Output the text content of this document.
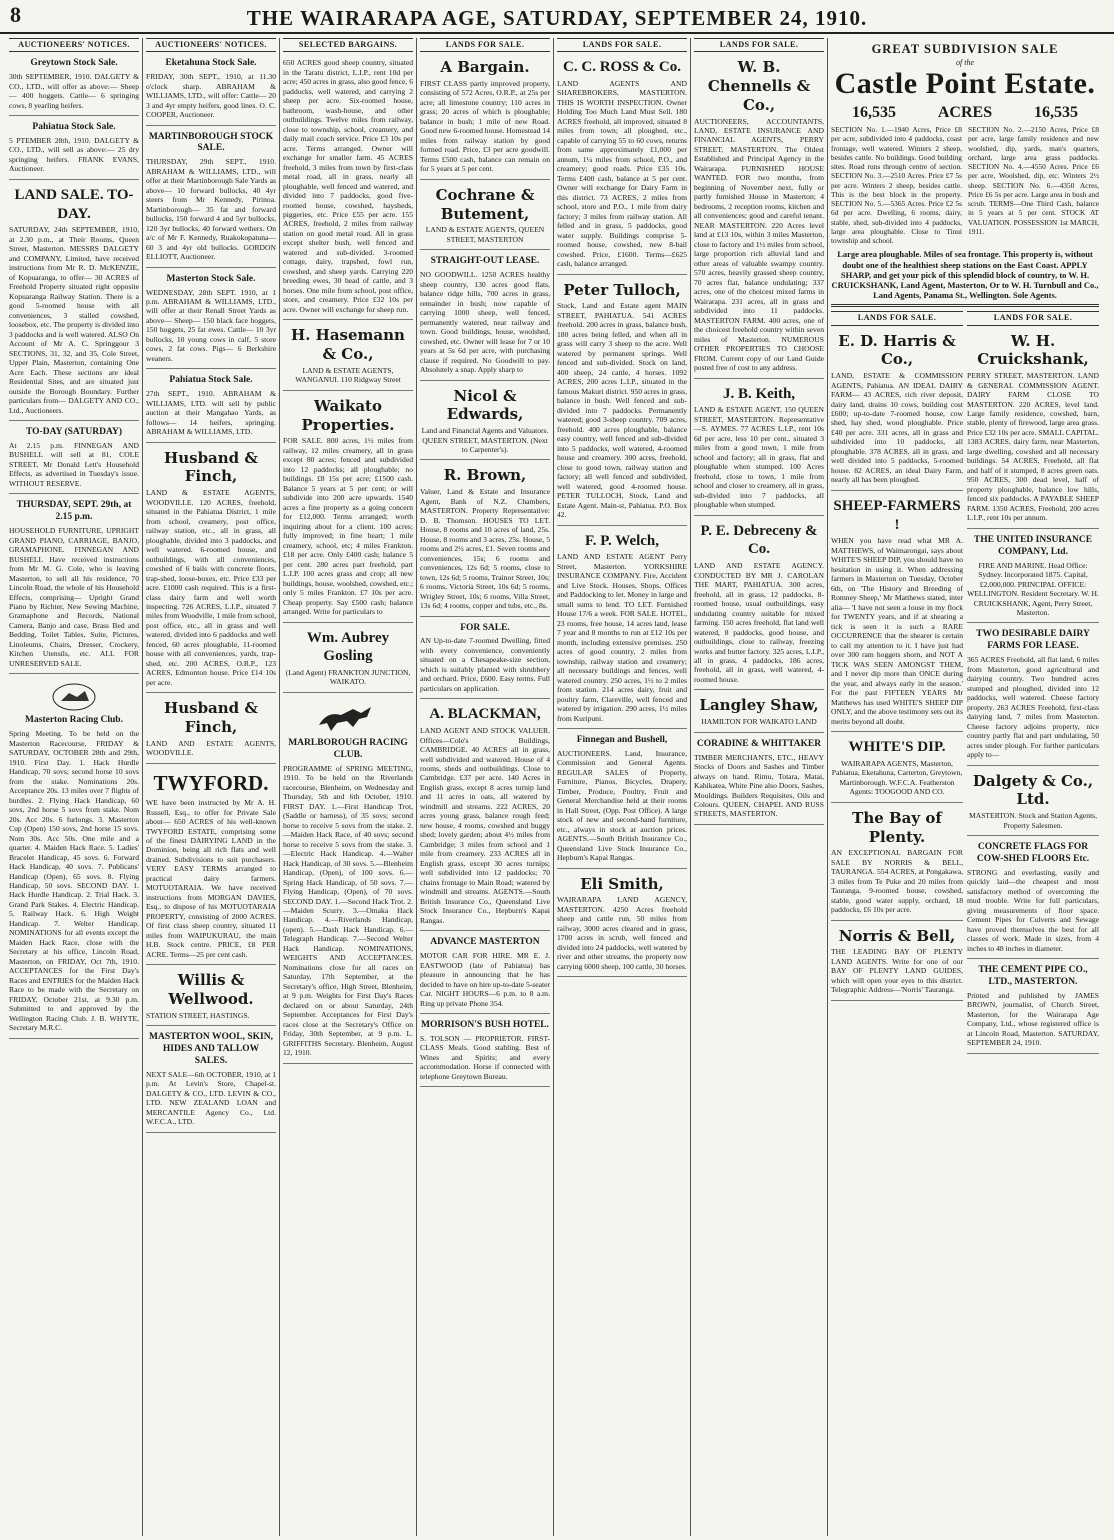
8	THE WAIRARAPA AGE, SATURDAY, SEPTEMBER 24, 1910.
AUCTIONEERS' NOTICES.
Greytown Stock Sale.

30th SEPTEMBER, 1910. DALGETY & CO., LTD., will offer as above:— Sheep— 400 hoggets. Cattle— 6 springing cows, 8 yearling heifers.

Pahiatua Stock Sale.

5 PTEMBER 28th, 1910. DALGETY & CO., LTD., will sell as above:— 25 dry springing heifers. FRANK EVANS, Auctioneer.

LAND SALE. TO-DAY.

SATURDAY, 24th SEPTEMBER, 1910, at 2.30 p.m., at Their Rooms, Queen Street, Masterton. MESSRS DALGETY and COMPANY, Limited, have received instructions from Mr R. D. McKENZIE, of Kopuaranga, to offer— 30 ACRES of Freehold Property situated right opposite Kopuaranga Railway Station. There is a good 5-roomed house with all conveniences, 3 stalled cowshed, loosebox, etc. The property is divided into 3 paddocks and is well watered. ALSO On Account of Mr A. C. Springgour 3 SECTIONS, 31, 32, and 35, Cole Street, Upper Plain, Masterton, containing One Acre Each. These sections are ideal Residential Sites, and are situated just outside the Borough Boundary. Further particulars from— DALGETY AND CO., Ltd., Auctioneers.

TO-DAY (SATURDAY)

At 2.15 p.m. FINNEGAN AND BUSHELL will sell at 81, COLE STREET, Mr Donald Lett's Household Effects, as advertised in Tuesday's issue. WITHOUT RESERVE.

THURSDAY, SEPT. 29th, at 2.15 p.m.

HOUSEHOLD FURNITURE, UPRIGHT GRAND PIANO, CARRIAGE, BANJO, GRAMAPHONE. FINNEGAN AND BUSHELL Have received instructions from Mr M. G. Cole, who is leaving Masterton, to sell all his residence, 70 Lincoln Road, the whole of his Household Effects, comprising— Upright Grand Piano by Richter, New Sewing Machine, Gramaphone and Records, National Camera, Banjo and case, Brass Bed and Bedding, Toilet Tables, Suite, Pictures, Linoleums, Chairs, Dresser, Crockery, Kitchen Utensils, etc. ALL FOR UNRESERVED SALE.

Masterton Racing Club.

Spring Meeting. To be held on the Masterton Racecourse, FRIDAY & SATURDAY, OCTOBER 28th and 29th, 1910. First Day. 1. Hack Hurdle Handicap, 70 sovs; second horse 10 sovs from the stake. Nominations 20s. Acceptance 20s. 13 miles over 7 flights of hurdles. 2. Flying Hack Handicap, 60 sovs, 2nd horse 5 sovs from stake. Nom 20s. Acc 20s. 6 furlongs. 3. Masterton Cup (Open) 150 sovs, 2nd horse 15 sovs. Nom 30s. Acc 50s. One mile and a quarter. 4. Maiden Hack Race. 5. Ladies' Bracelet Handicap, 45 sovs. 6. Forward Hack Handicap, 40 sovs. 7. Publicans' Handicap (Open), 65 sovs. 8. Flying Handicap, 50 sovs. SECOND DAY. 1. Hack Hurdle Handicap. 2. Trial Hack. 3. Grand Park Stakes. 4. Electric Handicap. 5. Railway Hack. 6. High Weight Handicap. 7. Welter Handicap. NOMINATIONS for all events except the Maiden Hack Race, close with the Secretary at his office, Lincoln Road, Masterton, on FRIDAY, Oct 7th, 1910. ACCEPTANCES for the First Day's Races and ENTRIES for the Maiden Hack Race to be made with the Secretary on FRIDAY, October 21st, at 9.30 p.m. Submitted to and approved by the Wellington Racing Club. J. B. WHYTE, Secretary M.R.C.

AUCTIONEERS' NOTICES.
Eketahuna Stock Sale.

FRIDAY, 30th SEPT., 1910, at 11.30 o'clock sharp. ABRAHAM & WILLIAMS, LTD., will offer: Cattle— 20 3 and 4yr empty heifers, good lines. O. C. COOPER, Auctioneer.

MARTINBOROUGH STOCK SALE.

THURSDAY, 29th SEPT., 1910. ABRAHAM & WILLIAMS, LTD., will offer at their Martinborough Sale Yards as above— 10 forward bullocks, 40 4yr steers from Mr Kennedy, Pirinoa. Martinborough— 35 fat and forward bullocks, 150 forward 4 and 5yr bullocks, 120 3yr bullocks, 40 forward wethers. On a/c of Mr F. Kennedy, Ruakokopatuna— 60 3 and 4yr old bullocks. GORDON ELLIOTT, Auctioneer.

Masterton Stock Sale.

WEDNESDAY, 28th SEPT. 1910, at 1 p.m. ABRAHAM & WILLIAMS, LTD., will offer at their Renall Street Yards as above— Sheep— 150 black face hoggets, 150 hoggets, 25 fat ewes. Cattle— 10 3yr bullocks, 10 young cows in calf, 5 store cows, 2 fat cows. Pigs— 6 Berkshire weaners.

Pahiatua Stock Sale.

27th SEPT., 1910. ABRAHAM & WILLIAMS, LTD. will sell by public auction at their Mangahao Yards, as follows— 14 heifers, springing. ABRAHAM & WILLIAMS, LTD.

Husband & Finch,

LAND & ESTATE AGENTS, WOODVILLE. 120 ACRES, freehold, situated in the Pahiatua District, 1 mile from school, creamery, post office, railway station, etc., all in grass, all ploughable, divided into 3 paddocks, and well watered. 6-roomed house, and outbuildings, with all conveniences, cowshed of 6 bails with concrete floors, trap-shed, loose-boxes, etc. Price £33 per acre. £1000 cash required. This is a first-class dairy farm and well worth inspecting. 726 ACRES, L.I.P., situated 7 miles from Woodville, 1 mile from school, post office, etc., all in grass and well watered, divided into 6 paddocks and well fenced, 60 acres ploughable, 11-roomed house with all conveniences, yards, trap-shed, etc. 200 ACRES, O.R.P., 123 ACRES, Edmonton house. Price £14 10s per acre.

Husband & Finch,

LAND AND ESTATE AGENTS, WOODVILLE.

TWYFORD.

WE have been instructed by Mr A. H. Russell, Esq., to offer for Private Sale about— 650 ACRES of his well-known TWYFORD ESTATE, comprising some of the finest DAIRYING LAND in the Dominion, being all rich flats and well drained. Subdivisions to suit purchasers. VERY EASY TERMS arranged to practical dairy farmers. MOTUOTARAIA. We have received instructions from MORGAN DAVIES, Esq., to dispose of his MOTUOTARAIA PROPERTY, consisting of 2000 ACRES. Of first class sheep country, situated 11 miles from WAIPUKURAU, the main H.B. Stock centre. PRICE, £8 PER ACRE. Terms—25 per cent cash.

Willis & Wellwood.

STATION STREET, HASTINGS.

MASTERTON WOOL, SKIN, HIDES AND TALLOW SALES.

NEXT SALE—6th OCTOBER, 1910, at 1 p.m. At Levin's Store, Chapel-st. DALGETY & CO., LTD. LEVIN & CO., LTD. NEW ZEALAND LOAN and MERCANTILE Agency Co., Ltd. W.F.C.A., LTD.

SELECTED BARGAINS.

650 ACRES good sheep country, situated in the Taratu district, L.I.P., rent 10d per acre; 450 acres in grass, also good fence, 6 paddocks, well watered, and carrying 2 sheep per acre. Six-roomed house, bathroom, wash-house, and other outbuildings. Twelve miles from railway, close to township, school, creamery, and daily mail coach service. Price £3 10s per acre. Terms arranged. Owner will exchange for smaller farm. 45 ACRES freehold, 3 miles from town by first-class metal road, all in grass, nearly all ploughable, well fenced and watered, and divided into 7 paddocks, good five-roomed house, cowshed, haysheds, piggeries, etc. Price £55 per acre. 155 ACRES, freehold, 2 miles from railway station on good metal road. All in grass except shelter bush, well fenced and watered and sub-divided. 3-roomed cottage, dairy, trapshed, fowl run, cowshed, and sheep yards. Carrying 220 breeding ewes, 30 head of cattle, and 3 horses. One mile from school, post office, store, and creamery. Price £32 10s per acre. Owner will exchange for sheep run.

H. Hasemann & Co.,

LAND & ESTATE AGENTS, WANGANUI. 110 Ridgway Street

Waikato Properties.

FOR SALE. 800 acres, 1½ miles from railway, 12 miles creamery, all in grass except 80 acres; fenced and subdivided into 12 paddocks; all ploughable; no buildings. £8 15s per acre; £1500 cash. Balance 5 years at 5 per cent; or will subdivide into 200 acre upwards. 1540 acres a fine property as a going concern for £12,000. Terms arranged; worth inquiring about for a client. 100 acres; fully improved; in fine heart; 1 mile creamery, school, etc; 4 miles Frankton. £18 per acre. Only £400 cash; balance 5 per cent. 280 acres part freehold, part L.I.P. 100 acres grass and crop; all new buildings, house, woolshed, cowshed, etc.; only 5 miles Frankton. £7 10s per acre. Cheap property. Say £500 cash; balance arranged. Write for particulars to

Wm. Aubrey Gosling

(Land Agent) FRANKTON JUNCTION, WAIKATO.

MARLBOROUGH RACING CLUB.

PROGRAMME of SPRING MEETING, 1910. To be held on the Riverlands racecourse, Blenheim, on Wednesday and Thursday, 5th and 6th October, 1910. FIRST DAY. 1.—First Handicap Trot, (Saddle or harness), of 35 sovs; second horse to receive 5 sovs from the stake. 2.—Maiden Hack Race, of 40 sovs; second horse to receive 5 sovs from the stake. 3.—Electric Hack Handicap. 4.—Walter Hack Handicap, of 30 sovs. 5.—Blenheim Handicap, (Open), of 100 sovs. 6.—Spring Hack Handicap, of 50 sovs. 7.—Flying Handicap, (Open), of 70 sovs. SECOND DAY. 1.—Second Hack Trot. 2.—Maiden Scurry. 3.—Omaka Hack Handicap. 4.—Riverlands Handicap, (open). 5.—Dash Hack Handicap. 6.—Telegraph Handicap. 7.—Second Welter Hack Handicap. NOMINATIONS, WEIGHTS AND ACCEPTANCES. Nominations close for all races on Saturday, 17th September, at the Secretary's office, High Street, Blenheim, at 9 p.m. Weights for First Day's Races declared on or about Saturday, 24th September. Acceptances for First Day's races close at the Secretary's Office on Friday, 30th September, at 9 p.m. L. GRIFFITHS Secretary. Blenheim, August 12, 1910.

LANDS FOR SALE.
A Bargain.

FIRST CLASS partly improved property, consisting of 572 Acres, O.R.P., at 25s per acre; all limestone country; 110 acres in grass; 20 acres of which is ploughable; balance in bush; 1 mile of new Road. Good new 6-roomed house. Homestead 14 miles from railway station by good formed road. Price, £3 per acre goodwill. Terms £500 cash, balance can remain on for 5 years at 5 per cent.

Cochrane & Butement,

LAND & ESTATE AGENTS, QUEEN STREET, MASTERTON

STRAIGHT-OUT LEASE.

NO GOODWILL. 1250 ACRES healthy sheep country, 130 acres good flats, balance ridge hills, 700 acres in grass, remainder in bush; now capable of carrying 1000 sheep, well fenced, permanently watered, near railway and town. Good buildings, house, woolshed, cowshed, etc. Owner will lease for 7 or 10 years at 5s 6d per acre, with purchasing clause if required. No Goodwill to pay. Absolutely a snap. Apply sharp to

Nicol & Edwards,

Land and Financial Agents and Valuators. QUEEN STREET, MASTERTON. (Next to Carpenter's).

R. Brown,

Valuer, Land & Estate and Insurance Agent, Bank of N.Z. Chambers, MASTERTON. Property Representative: D. B. Thomson. HOUSES TO LET. House, 8 rooms and 10 acres of land, 25s. House, 8 rooms and 3 acres, 25s. House, 5 rooms and 2½ acres, £1. Seven rooms and conveniences, 15s; 6 rooms and conveniences, 12s 6d; 5 rooms, close to town, 12s 6d; 5 rooms, Trainor Street, 10s; 6 rooms, Victoria Street, 10s 6d; 5 rooms, Wrigley Street, 10s; 6 rooms, Villa Street, 13s 6d; 4 rooms, copper and tubs, etc., 8s.

FOR SALE.

AN Up-to-date 7-roomed Dwelling, fitted with every convenience, conveniently situated on a Chesapeake-size section, which is suitably planted with shrubbery and orchard. Price, £600. Easy terms. Full particulars on application.

A. BLACKMAN,

LAND AGENT AND STOCK VALUER. Offices—Cole's Buildings, CAMBRIDGE. 40 ACRES all in grass, well subdivided and watered. House of 4 rooms, sheds and outbuildings. Close to Cambridge. £37 per acre. 140 Acres in English grass, except 8 acres turnip land and 11 acres in oats, all watered by windmill and streams. 222 ACRES, 20 acres young grass, balance rough feed; new house, 4 rooms, cowshed and buggy shed; lovely garden; about 4½ miles from Cambridge; 3 miles from school and 1 mile from creamery. 233 ACRES all in English grass, except 30 acres turnips; well subdivided into 12 paddocks; 70 chains frontage to Main Road; watered by windmill and streams. AGENTS.—South British Insurance Co., Queensland Live Stock Insurance Co., Hepburn's Kapai Rangas.

ADVANCE MASTERTON

MOTOR CAR FOR HIRE. MR E. J. EASTWOOD (late of Pahiatua) has pleasure in announcing that he has decided to have on hire up-to-date 5-seater Car. NIGHT HOURS—6 p.m. to 8 a.m. Ring up private Phone 354.

MORRISON'S BUSH HOTEL.

S. TOLSON — PROPRIETOR. FIRST-CLASS Meals. Good stabling. Best of Wines and Spirits; and every accommodation. Horse if connected with telephone Greytown Bureau.

LANDS FOR SALE.
C. C. ROSS & Co.

LAND AGENTS AND SHAREBROKERS, MASTERTON. THIS IS WORTH INSPECTION. Owner Holding Too Much Land Must Sell. 180 ACRES freehold, all improved, situated 8 miles from town; all ploughed, etc., capable of carrying 55 to 60 cows, returns from same approximately £1,000 per annum, 1¼ miles from school, P.O., and creamery; good roads. Price £35 10s. Terms £400 cash, balance at 5 per cent. Owner will exchange for Dairy Farm in this district. 73 ACRES, 2 miles from school, store and P.O., 1 mile from dairy factory; 3 miles from railway station. All felled and in grass, 5 paddocks, good water supply. Buildings comprise 5-roomed house, cowshed, new 8-bail cowshed. Price, £1600. Terms—£625 cash, balance arranged.

Peter Tulloch,

Stock, Land and Estate agent MAIN STREET, PAHIATUA. 541 ACRES freehold. 200 acres in grass, balance bush, 180 acres being felled, and when all in grass will carry 3 sheep to the acre. Well watered by permanent springs. Well fenced and sub-divided. Stock on land, 400 sheep, 24 cattle, 4 horses. 1092 ACRES, 200 acres L.I.P., situated in the famous Makuri district. 950 acres in grass, balance in bush. Well fenced and sub-divided into 7 paddocks. Permanently watered; good 3-sheep country. 709 acres, freehold. 400 acres ploughable, balance easy country, well fenced and sub-divided into 5 paddocks, well watered, 4-roomed house and creamery. 300 acres, freehold, close to good town, railway station and factory; all well fenced and subdivided, well watered, good 4-roomed house. PETER TULLOCH, Stock, Land and Estate Agent. Main-st, Pahiatua. P.O. Box 42.

F. P. Welch,

LAND AND ESTATE AGENT Perry Street, Masterton. YORKSHIRE INSURANCE COMPANY. Fire, Accident and Live Stock. Houses, Shops, Offices and Paddocking to let. Money in large and small sums to lend. TO LET. Furnished House 17/6 a week. FOR SALE. HOTEL, 23 rooms, free house, 14 acres land, lease 7 year and 8 months to run at £12 10s per month, including extensive premises. 250 acres of good country, 2 miles from township, railway station and creamery; all necessary buildings and fences, well watered country. 250 acres, 1½ to 2 miles from station. 214 acres dairy, fruit and poultry farm, Clareville, well fenced and watered by irrigation. 290 acres, 1½ miles from Kuripuni.

Finnegan and Bushell,

AUCTIONEERS. Land, Insurance, Commission and General Agents. REGULAR SALES of Property, Furniture, Pianos, Bicycles, Drapery, Timber, Produce, Poultry, Fruit and General Merchandise held at their rooms in Hall Street, (Opp. Post Office). A large stock of new and second-hand furniture, etc., always in stock at auction prices. AGENTS.—South British Insurance Co., Queensland Live Stock Insurance Co., Hepburn's Kapai Rangas.

Eli Smith,

WAIRARAPA LAND AGENCY, MASTERTON. 4250 Acres freehold sheep and cattle run, 50 miles from railway, 3000 acres cleared and in grass, 1700 acres in scrub, well fenced and divided into 24 paddocks, well watered by river and other streams, the property now carrying 6000 sheep, 100 cattle, 30 horses.

LANDS FOR SALE.
W. B. Chennells & Co.,

AUCTIONEERS, ACCOUNTANTS, LAND, ESTATE INSURANCE AND FINANCIAL AGENTS, PERRY STREET, MASTERTON. The Oldest Established and Principal Agency in the Wairarapa. FURNISHED HOUSE WANTED. FOR two months, from beginning of November next, fully or partly furnished House in Masterton; 4 bedrooms, 2 reception rooms, kitchen and all conveniences; good and careful tenant. NEAR MASTERTON. 220 Acres level land at £13 10s, within 3 miles Masterton, close to factory and 1½ miles from school, large proportion rich alluvial land and other areas of valuable swampy country. 570 acres, heavily grassed sheep country, 70 acres flat, balance undulating; 337 acres, one of the choicest mixed farms in Wairarapa. 231 acres, all in grass and subdivided into 11 paddocks. MASTERTON FARM. 400 acres, one of the choicest freehold country within seven miles of Masterton. NUMEROUS OTHER PROPERTIES TO CHOOSE FROM. Current copy of our Land Guide posted free of cost to any address.

J. B. Keith,

LAND & ESTATE AGENT, 150 QUEEN STREET, MASTERTON. Representative—S. AYMES. 77 ACRES L.I.P., rent 10s 6d per acre, less 10 per cent., situated 3 miles from a good town, 1 mile from school and factory; all in grass, flat and ploughable when stumped. 100 Acres freehold, close to town, 1 mile from school and closer to creamery, all in grass, sub-divided into 7 paddocks, all ploughable when stumped.

P. E. Debreceny & Co.

LAND AND ESTATE AGENCY. CONDUCTED BY MR J. CAROLAN THE MART, PAHIATUA. 300 acres, freehold, all in grass, 12 paddocks, 8-roomed house, usual outbuildings, easy undulating country suitable for mixed farming. 150 acres freehold, flat land well watered, 8 paddocks, good house, and outbuildings, close to railway, freezing works and butter factory. 325 acres, L.I.P., all in grass, 4 paddocks, 186 acres, freehold, all in grass, well watered, 4-roomed house.

Langley Shaw,

HAMILTON FOR WAIKATO LAND

CORADINE & WHITTAKER

TIMBER MERCHANTS, ETC., HEAVY Stocks of Doors and Sashes and Timber always on hand. Rimu, Totara, Matai, Kahikatea, White Pine also Doors, Sashes, Mouldings. Builders Requisites, Oils and Colours. QUEEN, CHAPEL AND RUSS STREETS, MASTERTON.

GREAT SUBDIVISION SALE
of the
Castle Point Estate.
16,535	ACRES	16,535
SECTION No. 1.—1940 Acres, Price £8 per acre, subdivided into 4 paddocks, coast frontage, well watered. Winters 2 sheep, besides cattle. No buildings. Good building sites. Road runs through centre of section. SECTION No. 3.—2510 Acres. Price £7 5s per acre. Winters 2 sheep, besides cattle. This is the best block in the property. SECTION No. 5.—5365 Acres. Price £2 5s 6d per acre. Dwelling, 6 rooms, dairy, stable, shed, sub-divided into 4 paddocks, large area ploughable. Close to Tinui township and school.
SECTION No. 2.—2150 Acres, Price £8 per acre, large family residence and new woolshed, dip, yards, man's quarters, orchard, large area grass paddocks. SECTION No. 4.—4550 Acres. Price £6 per acre, Woolshed, dip, etc. Winters 2½ sheep. SECTION No. 6.—4350 Acres, Price £6 5s per acre. Large area in bush and scrub. TERMS—One Third Cash, balance in 5 years at 5 per cent. STOCK AT VALUATION. POSSESSION 1st MARCH, 1911.
Large area ploughable. Miles of sea frontage. This property is, without doubt one of the healthiest sheep stations on the East Coast. APPLY SHARP, and get your pick of this splendid block of country, to W. H. CRUICKSHANK, Land Agent, Masterton, Or to W. H. Turnbull and Co., Land Agents, Panama St., Wellington. Sole Agents.
LANDS FOR SALE.
E. D. Harris & Co.,

LAND, ESTATE & COMMISSION AGENTS, Pahiatua. AN IDEAL DAIRY FARM— 43 ACRES, rich river deposit, dairy land, drains 10 cows, building cost £600; up-to-date 7-roomed house, cow shed, hay shed, wood ploughable. Price £40 per acre. 331 acres, all in grass and subdivided into 10 paddocks, all ploughable. 378 ACRES, all in grass, and well divided into 5 paddocks, 5-roomed house. 82 ACRES, an ideal Dairy Farm, nearly all has been ploughed.

SHEEP-FARMERS !

WHEN you have read what MR A. MATTHEWS, of Waimarongai, says about WHITE'S SHEEP DIP, you should have no hesitation in using it. When addressing farmers in Masterton on Tuesday, October 6th, on 'The History and Breeding of Romney Sheep,' Mr Matthews stated, inter alia— 'I have not seen a louse in my flock for TWENTY years, and if at shearing a tick is seen it is such a RARE OCCURRENCE that the shearer is certain to call my attention to it. I have just had over 300 ram hoggets shorn, and NOT A TICK WAS SEEN AMONGST THEM, and I never dip more than ONCE during the year, and always early in the season.' For the past FIFTEEN YEARS Mr Matthews has used WHITE'S SHEEP DIP ONLY, and the above testimony sets out its merits beyond all doubt.

WHITE'S DIP.

WAIRARAPA AGENTS, Masterton, Pahiatua, Eketahuna, Carterton, Greytown, Martinborough. W.F.C.A. Featherston Agents: TOOGOOD AND CO.

The Bay of Plenty.

AN EXCEPTIONAL BARGAIN FOR SALE BY NORRIS & BELL, TAURANGA. 554 ACRES, at Pongakawa, 3 miles from Te Puke and 20 miles from Tauranga, 9-roomed house, cowshed, stable, good water supply, orchard, 18 paddocks, £6 10s per acre.

Norris & Bell,

THE LEADING BAY OF PLENTY LAND AGENTS. Write for one of our BAY OF PLENTY LAND GUIDES, which will open your eyes to this district. Telegraphic Address—'Norris' Tauranga.

LANDS FOR SALE.
W. H. Cruickshank,

PERRY STREET, MASTERTON. LAND & GENERAL COMMISSION AGENT. DAIRY FARM CLOSE TO MASTERTON. 220 ACRES, level land. Large family residence, cowshed, barn, stable, plenty of firewood, large area grass. Price £32 10s per acre. SMALL CAPITAL. 1383 ACRES, dairy farm, near Masterton, large dwelling, cowshed and all necessary buildings. 54 ACRES, Freehold, all flat and half of it stumped, 8 acres green oats. 950 ACRES, 300 dead level, half of property ploughable, balance low hills, fenced six paddocks. A PAYABLE SHEEP FARM. 1350 ACRES, Freehold, 200 acres L.I.P., rent 10s per annum.

THE UNITED INSURANCE COMPANY, Ltd.

FIRE AND MARINE. Head Office: Sydney. Incorporated 1875. Capital, £2,000,000. PRINCIPAL OFFICE: WELLINGTON. Resident Secretary. W. H. CRUICKSHANK, Agent, Perry Street, Masterton.

TWO DESIRABLE DAIRY FARMS FOR LEASE.

365 ACRES Freehold, all flat land, 6 miles from Masterton, good agricultural and dairying country. Two hundred acres stumped and ploughed, divided into 12 paddocks, well watered. Cheese factory property. 263 ACRES Freehold, first-class dairying land, 7 miles from Masterton. Cheese factory adjoins property, nice country partly flat and part undulating, 50 acres under plough. For further particulars apply to—

Dalgety & Co., Ltd.

MASTERTON. Stock and Station Agents, Property Salesmen.

CONCRETE FLAGS FOR COW-SHED FLOORS Etc.

STRONG and everlasting, easily and quickly laid—the cheapest and most satisfactory method of overcoming the mud trouble. Write for full particulars, giving measurements of floor space. Cement Pipes for Culverts and Sewage have proved themselves the best for all classes of work. Made in sizes, from 4 inches to 48 inches in diameter.

THE CEMENT PIPE CO., LTD., MASTERTON.

Printed and published by JAMES BROWN, journalist, of Church Street, Masterton, for the Wairarapa Age Company, Ltd., whose registered office is at Lincoln Road, Masterton. SATURDAY, SEPTEMBER 24, 1910.
